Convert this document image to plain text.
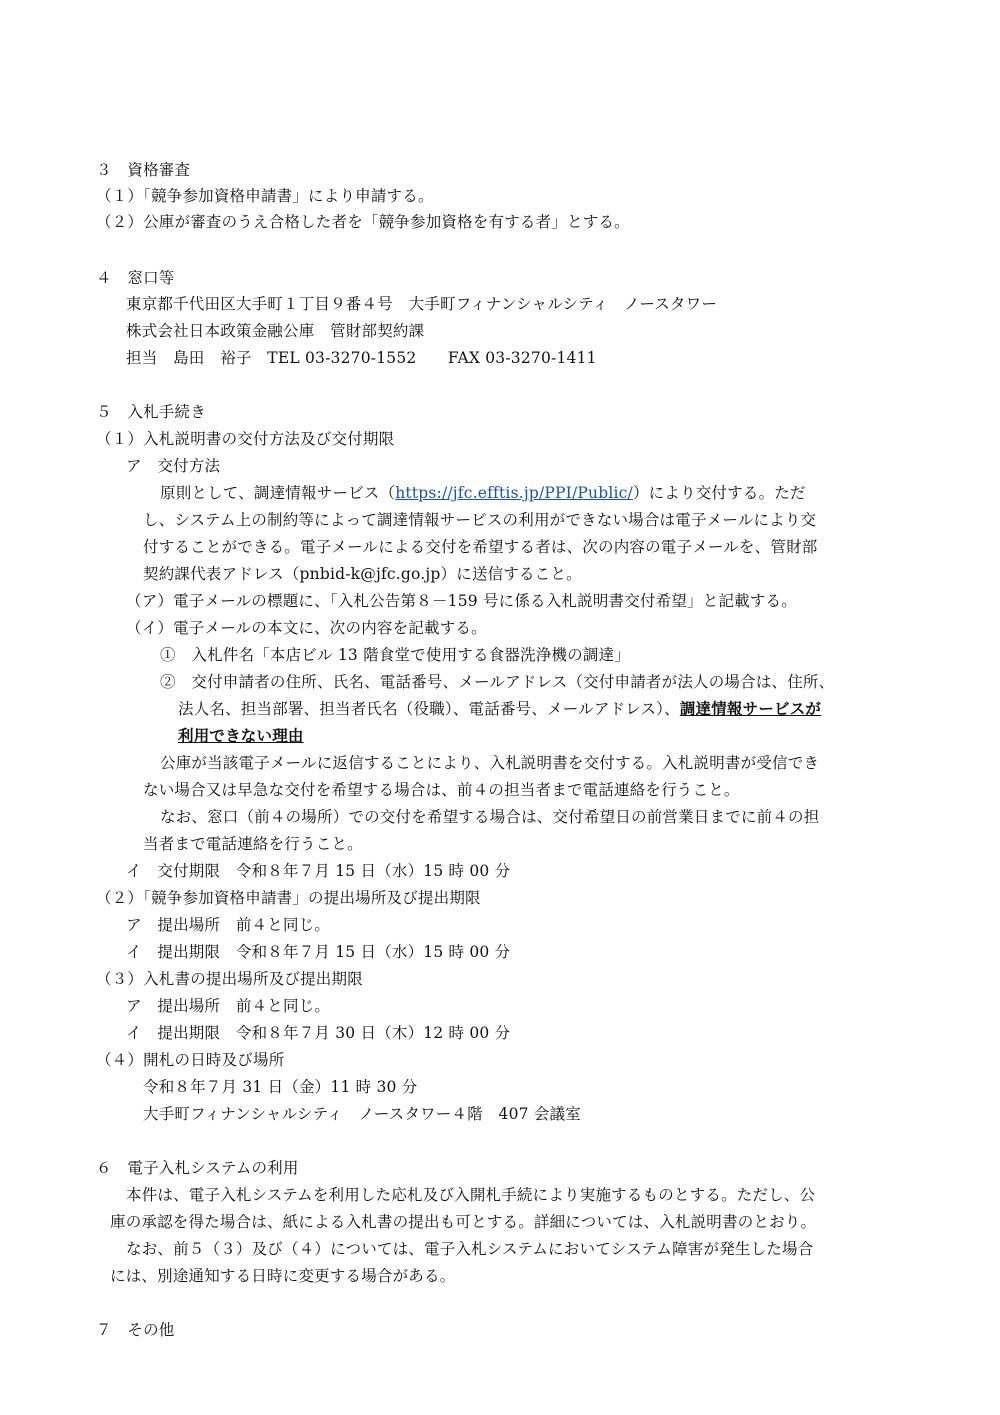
３　資格審査
（１）「競争参加資格申請書」により申請する。
（２）公庫が審査のうえ合格した者を「競争参加資格を有する者」とする。
４　窓口等
東京都千代田区大手町１丁目９番４号　大手町フィナンシャルシティ　ノースタワー
株式会社日本政策金融公庫　管財部契約課
担当　島田　裕子　TEL 03-3270-1552　　FAX 03-3270-1411
５　入札手続き
（１）入札説明書の交付方法及び交付期限
ア　交付方法
原則として、調達情報サービス（https://jfc.efftis.jp/PPI/Public/）により交付する。ただ
し、システム上の制約等によって調達情報サービスの利用ができない場合は電子メールにより交
付することができる。電子メールによる交付を希望する者は、次の内容の電子メールを、管財部
契約課代表アドレス（pnbid-k@jfc.go.jp）に送信すること。
（ア）電子メールの標題に、「入札公告第８－159 号に係る入札説明書交付希望」と記載する。
（イ）電子メールの本文に、次の内容を記載する。
①　入札件名「本店ビル 13 階食堂で使用する食器洗浄機の調達」
②　交付申請者の住所、氏名、電話番号、メールアドレス（交付申請者が法人の場合は、住所、
法人名、担当部署、担当者氏名（役職）、電話番号、メールアドレス）、調達情報サービスが
利用できない理由
公庫が当該電子メールに返信することにより、入札説明書を交付する。入札説明書が受信でき
ない場合又は早急な交付を希望する場合は、前４の担当者まで電話連絡を行うこと。
なお、窓口（前４の場所）での交付を希望する場合は、交付希望日の前営業日までに前４の担
当者まで電話連絡を行うこと。
イ　交付期限　令和８年７月 15 日（水）15 時 00 分
（２）「競争参加資格申請書」の提出場所及び提出期限
ア　提出場所　前４と同じ。
イ　提出期限　令和８年７月 15 日（水）15 時 00 分
（３）入札書の提出場所及び提出期限
ア　提出場所　前４と同じ。
イ　提出期限　令和８年７月 30 日（木）12 時 00 分
（４）開札の日時及び場所
令和８年７月 31 日（金）11 時 30 分
大手町フィナンシャルシティ　ノースタワー４階　407 会議室
６　電子入札システムの利用
本件は、電子入札システムを利用した応札及び入開札手続により実施するものとする。ただし、公
庫の承認を得た場合は、紙による入札書の提出も可とする。詳細については、入札説明書のとおり。
なお、前５（３）及び（４）については、電子入札システムにおいてシステム障害が発生した場合
には、別途通知する日時に変更する場合がある。
７　その他
